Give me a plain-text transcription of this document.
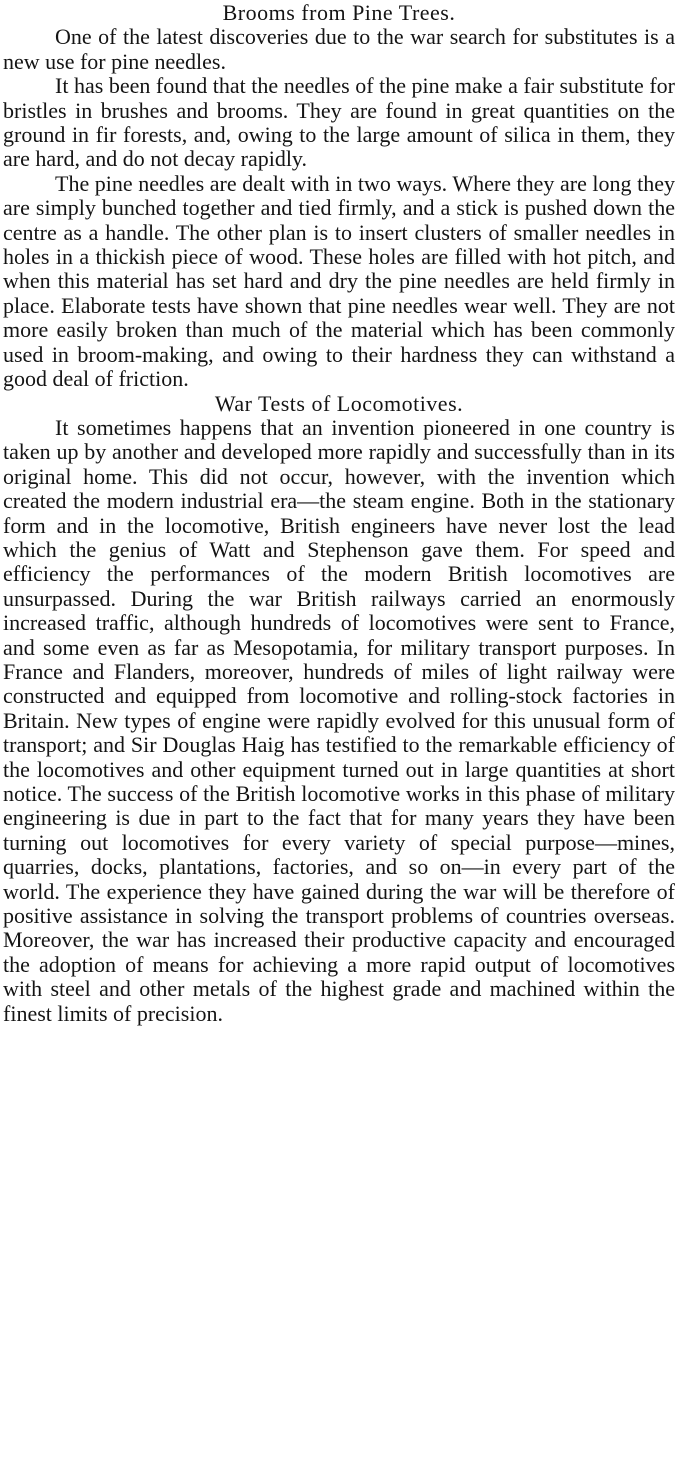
Brooms from Pine Trees.

One of the latest discoveries due to the war search for substitutes is a new use for pine needles.

It has been found that the needles of the pine make a fair substitute for bristles in brushes and brooms. They are found in great quantities on the ground in fir forests, and, owing to the large amount of silica in them, they are hard, and do not decay rapidly.

The pine needles are dealt with in two ways. Where they are long they are simply bunched together and tied firmly, and a stick is pushed down the centre as a handle. The other plan is to insert clusters of smaller needles in holes in a thickish piece of wood. These holes are filled with hot pitch, and when this material has set hard and dry the pine needles are held firmly in place. Elaborate tests have shown that pine needles wear well. They are not more easily broken than much of the material which has been commonly used in broom-making, and owing to their hardness they can withstand a good deal of friction.

War Tests of Locomotives.

It sometimes happens that an invention pioneered in one country is taken up by another and developed more rapidly and successfully than in its original home. This did not occur, however, with the invention which created the modern industrial era—the steam engine. Both in the stationary form and in the locomotive, British engineers have never lost the lead which the genius of Watt and Stephenson gave them. For speed and efficiency the performances of the modern British locomotives are unsurpassed. During the war British railways carried an enormously increased traffic, although hundreds of locomotives were sent to France, and some even as far as Mesopotamia, for military transport purposes. In France and Flanders, moreover, hundreds of miles of light railway were constructed and equipped from locomotive and rolling-stock factories in Britain. New types of engine were rapidly evolved for this unusual form of transport; and Sir Douglas Haig has testified to the remarkable efficiency of the locomotives and other equipment turned out in large quantities at short notice. The success of the British locomotive works in this phase of military engineering is due in part to the fact that for many years they have been turning out locomotives for every variety of special purpose—mines, quarries, docks, plantations, factories, and so on—in every part of the world. The experience they have gained during the war will be therefore of positive assistance in solving the transport problems of countries overseas. Moreover, the war has increased their productive capacity and encouraged the adoption of means for achieving a more rapid output of locomotives with steel and other metals of the highest grade and machined within the finest limits of precision.
